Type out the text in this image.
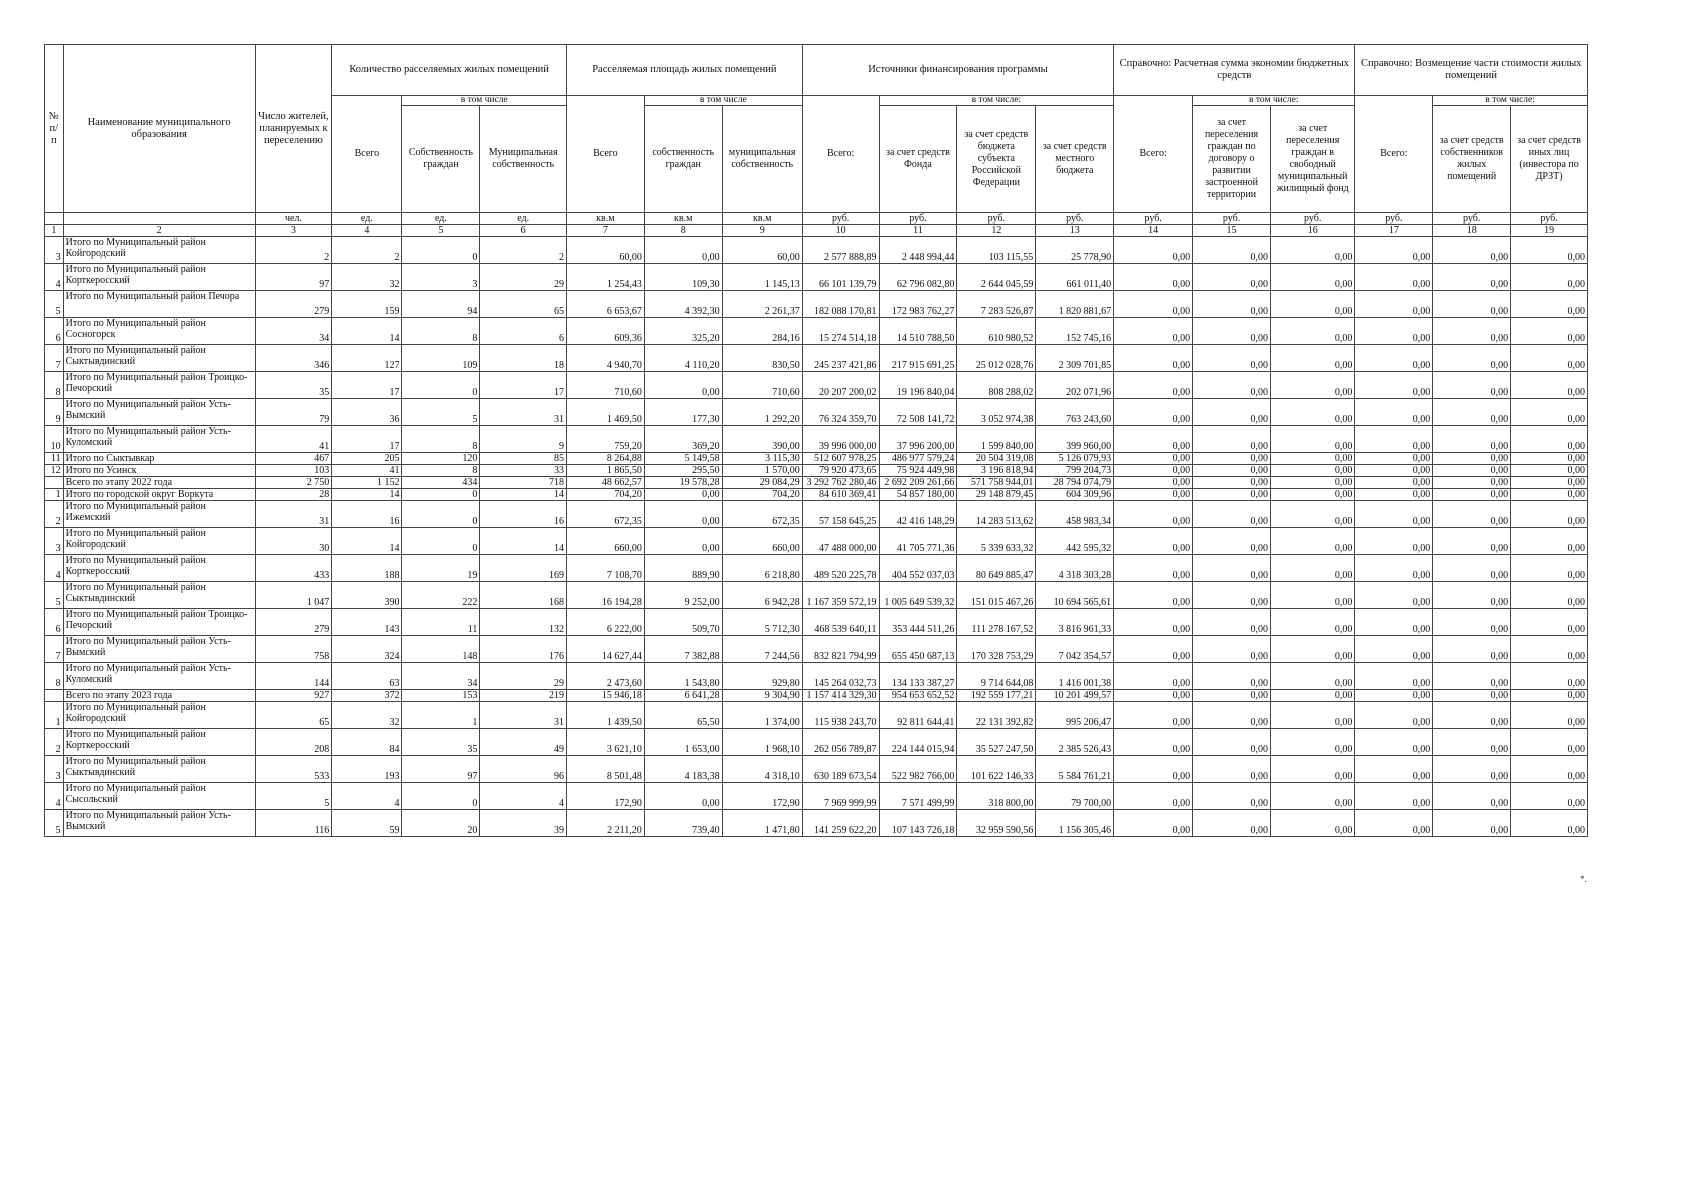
№ п/п	Наименование муниципального образования	Число жителей, планируемых к переселению	Количество расселяемых жилых помещений			Расселяемая площадь жилых помещений			Источники финансирования программы				Справочно: Расчетная сумма экономии бюджетных средств			Справочно: Возмещение части стоимости жилых помещений		
			Всего	в том числе		Всего	в том числе		Всего:	в том числе:			Всего:	в том числе:		Всего:	в том числе:	
				Собственность граждан	Муниципальная собственность		собственность граждан	муниципальная собственность		за счет средств Фонда	за счет средств бюджета субъекта Российской Федерации	за счет средств местного бюджета		за счет переселения граждан по договору о развитии застроенной территории	за счет переселения граждан в свободный муниципальный жилищный фонд		за счет средств собственников жилых помещений	за счет средств иных лиц (инвестора по ДРЗТ)
		чел.	ед.	ед.	ед.	кв.м	кв.м	кв.м	руб.	руб.	руб.	руб.	руб.	руб.	руб.	руб.	руб.	руб.
1	2	3	4	5	6	7	8	9	10	11	12	13	14	15	16	17	18	19
3	Итого по Муниципальный район Койгородский	2	2	0	2	60,00	0,00	60,00	2 577 888,89	2 448 994,44	103 115,55	25 778,90	0,00	0,00	0,00	0,00	0,00	0,00
4	Итого по Муниципальный район Корткеросский	97	32	3	29	1 254,43	109,30	1 145,13	66 101 139,79	62 796 082,80	2 644 045,59	661 011,40	0,00	0,00	0,00	0,00	0,00	0,00
5	Итого по Муниципальный район Печора	279	159	94	65	6 653,67	4 392,30	2 261,37	182 088 170,81	172 983 762,27	7 283 526,87	1 820 881,67	0,00	0,00	0,00	0,00	0,00	0,00
6	Итого по Муниципальный район Сосногорск	34	14	8	6	609,36	325,20	284,16	15 274 514,18	14 510 788,50	610 980,52	152 745,16	0,00	0,00	0,00	0,00	0,00	0,00
7	Итого по Муниципальный район Сыктывдинский	346	127	109	18	4 940,70	4 110,20	830,50	245 237 421,86	217 915 691,25	25 012 028,76	2 309 701,85	0,00	0,00	0,00	0,00	0,00	0,00
8	Итого по Муниципальный район Троицко-Печорский	35	17	0	17	710,60	0,00	710,60	20 207 200,02	19 196 840,04	808 288,02	202 071,96	0,00	0,00	0,00	0,00	0,00	0,00
9	Итого по Муниципальный район Усть-Вымский	79	36	5	31	1 469,50	177,30	1 292,20	76 324 359,70	72 508 141,72	3 052 974,38	763 243,60	0,00	0,00	0,00	0,00	0,00	0,00
10	Итого по Муниципальный район Усть-Куломский	41	17	8	9	759,20	369,20	390,00	39 996 000,00	37 996 200,00	1 599 840,00	399 960,00	0,00	0,00	0,00	0,00	0,00	0,00
11	Итого по Сыктывкар	467	205	120	85	8 264,88	5 149,58	3 115,30	512 607 978,25	486 977 579,24	20 504 319,08	5 126 079,93	0,00	0,00	0,00	0,00	0,00	0,00
12	Итого по Усинск	103	41	8	33	1 865,50	295,50	1 570,00	79 920 473,65	75 924 449,98	3 196 818,94	799 204,73	0,00	0,00	0,00	0,00	0,00	0,00
	Всего по этапу 2022 года	2 750	1 152	434	718	48 662,57	19 578,28	29 084,29	3 292 762 280,46	2 692 209 261,66	571 758 944,01	28 794 074,79	0,00	0,00	0,00	0,00	0,00	0,00
1	Итого по городской округ Воркута	28	14	0	14	704,20	0,00	704,20	84 610 369,41	54 857 180,00	29 148 879,45	604 309,96	0,00	0,00	0,00	0,00	0,00	0,00
2	Итого по Муниципальный район Ижемский	31	16	0	16	672,35	0,00	672,35	57 158 645,25	42 416 148,29	14 283 513,62	458 983,34	0,00	0,00	0,00	0,00	0,00	0,00
3	Итого по Муниципальный район Койгородский	30	14	0	14	660,00	0,00	660,00	47 488 000,00	41 705 771,36	5 339 633,32	442 595,32	0,00	0,00	0,00	0,00	0,00	0,00
4	Итого по Муниципальный район Корткеросский	433	188	19	169	7 108,70	889,90	6 218,80	489 520 225,78	404 552 037,03	80 649 885,47	4 318 303,28	0,00	0,00	0,00	0,00	0,00	0,00
5	Итого по Муниципальный район Сыктывдинский	1 047	390	222	168	16 194,28	9 252,00	6 942,28	1 167 359 572,19	1 005 649 539,32	151 015 467,26	10 694 565,61	0,00	0,00	0,00	0,00	0,00	0,00
6	Итого по Муниципальный район Троицко-Печорский	279	143	11	132	6 222,00	509,70	5 712,30	468 539 640,11	353 444 511,26	111 278 167,52	3 816 961,33	0,00	0,00	0,00	0,00	0,00	0,00
7	Итого по Муниципальный район Усть-Вымский	758	324	148	176	14 627,44	7 382,88	7 244,56	832 821 794,99	655 450 687,13	170 328 753,29	7 042 354,57	0,00	0,00	0,00	0,00	0,00	0,00
8	Итого по Муниципальный район Усть-Куломский	144	63	34	29	2 473,60	1 543,80	929,80	145 264 032,73	134 133 387,27	9 714 644,08	1 416 001,38	0,00	0,00	0,00	0,00	0,00	0,00
	Всего по этапу 2023 года	927	372	153	219	15 946,18	6 641,28	9 304,90	1 157 414 329,30	954 653 652,52	192 559 177,21	10 201 499,57	0,00	0,00	0,00	0,00	0,00	0,00
1	Итого по Муниципальный район Койгородский	65	32	1	31	1 439,50	65,50	1 374,00	115 938 243,70	92 811 644,41	22 131 392,82	995 206,47	0,00	0,00	0,00	0,00	0,00	0,00
2	Итого по Муниципальный район Корткеросский	208	84	35	49	3 621,10	1 653,00	1 968,10	262 056 789,87	224 144 015,94	35 527 247,50	2 385 526,43	0,00	0,00	0,00	0,00	0,00	0,00
3	Итого по Муниципальный район Сыктывдинский	533	193	97	96	8 501,48	4 183,38	4 318,10	630 189 673,54	522 982 766,00	101 622 146,33	5 584 761,21	0,00	0,00	0,00	0,00	0,00	0,00
4	Итого по Муниципальный район Сысольский	5	4	0	4	172,90	0,00	172,90	7 969 999,99	7 571 499,99	318 800,00	79 700,00	0,00	0,00	0,00	0,00	0,00	0,00
5	Итого по Муниципальный район Усть-Вымский	116	59	20	39	2 211,20	739,40	1 471,80	141 259 622,20	107 143 726,18	32 959 590,56	1 156 305,46	0,00	0,00	0,00	0,00	0,00	0,00
*.
